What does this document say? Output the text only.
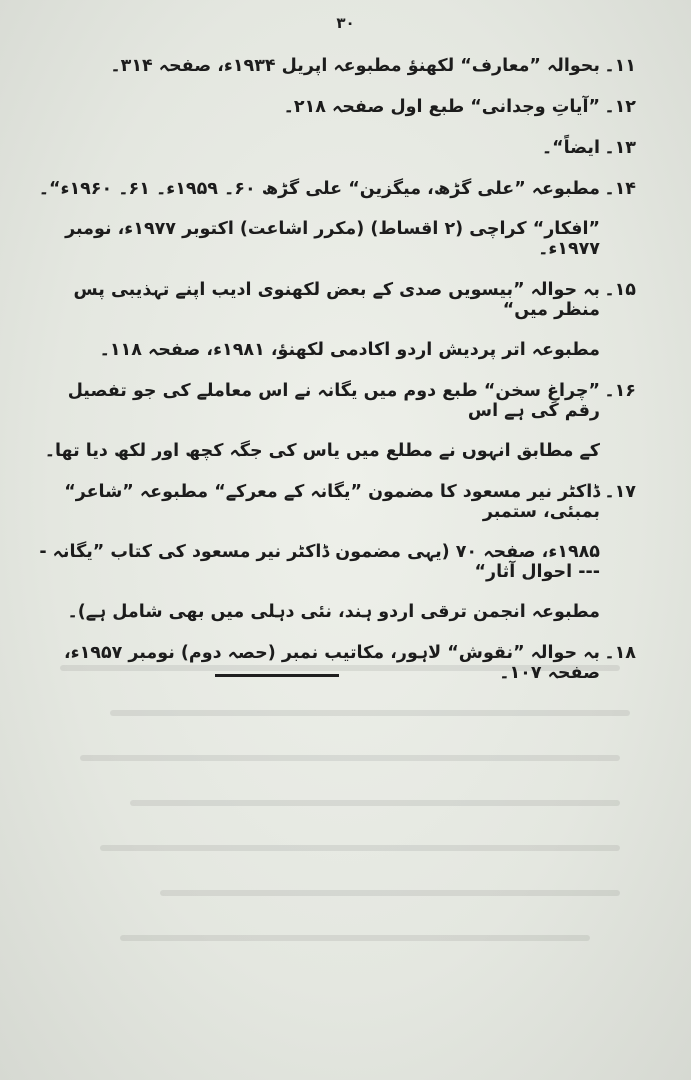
۳۰
۱۱۔
بحوالہ ”معارف“ لکھنؤ مطبوعہ اپریل ۱۹۳۴ء، صفحہ ۳۱۴۔
۱۲۔
”آیاتِ وجدانی“ طبع اول صفحہ ۲۱۸۔
۱۳۔
ایضاً“۔
۱۴۔
مطبوعہ ”علی گڑھ، میگزین“ علی گڑھ ۶۰۔ ۱۹۵۹ء۔ ۶۱۔ ۱۹۶۰ء“۔
”افکار“ کراچی (۲ اقساط) (مکرر اشاعت) اکتوبر ۱۹۷۷ء، نومبر ۱۹۷۷ء۔
۱۵۔
بہ حوالہ ”بیسویں صدی کے بعض لکھنوی ادیب اپنے تہذیبی پس منظر میں“
مطبوعہ اتر پردیش اردو اکادمی لکھنؤ، ۱۹۸۱ء، صفحہ ۱۱۸۔
۱۶۔
”چراغِ سخن“ طبع دوم میں یگانہ نے اس معاملے کی جو تفصیل رقم کی ہے اس
کے مطابق انہوں نے مطلع میں یاس کی جگہ کچھ اور لکھ دیا تھا۔
۱۷۔
ڈاکٹر نیر مسعود کا مضمون ”یگانہ کے معرکے“ مطبوعہ ”شاعر“ بمبئی، ستمبر
۱۹۸۵ء، صفحہ ۷۰ (یہی مضمون ڈاکٹر نیر مسعود کی کتاب ”یگانہ ---- احوال آثار“
مطبوعہ انجمن ترقی اردو ہند، نئی دہلی میں بھی شامل ہے)۔
۱۸۔
بہ حوالہ ”نقوش“ لاہور، مکاتیب نمبر (حصہ دوم) نومبر ۱۹۵۷ء، صفحہ ۱۰۷۔
